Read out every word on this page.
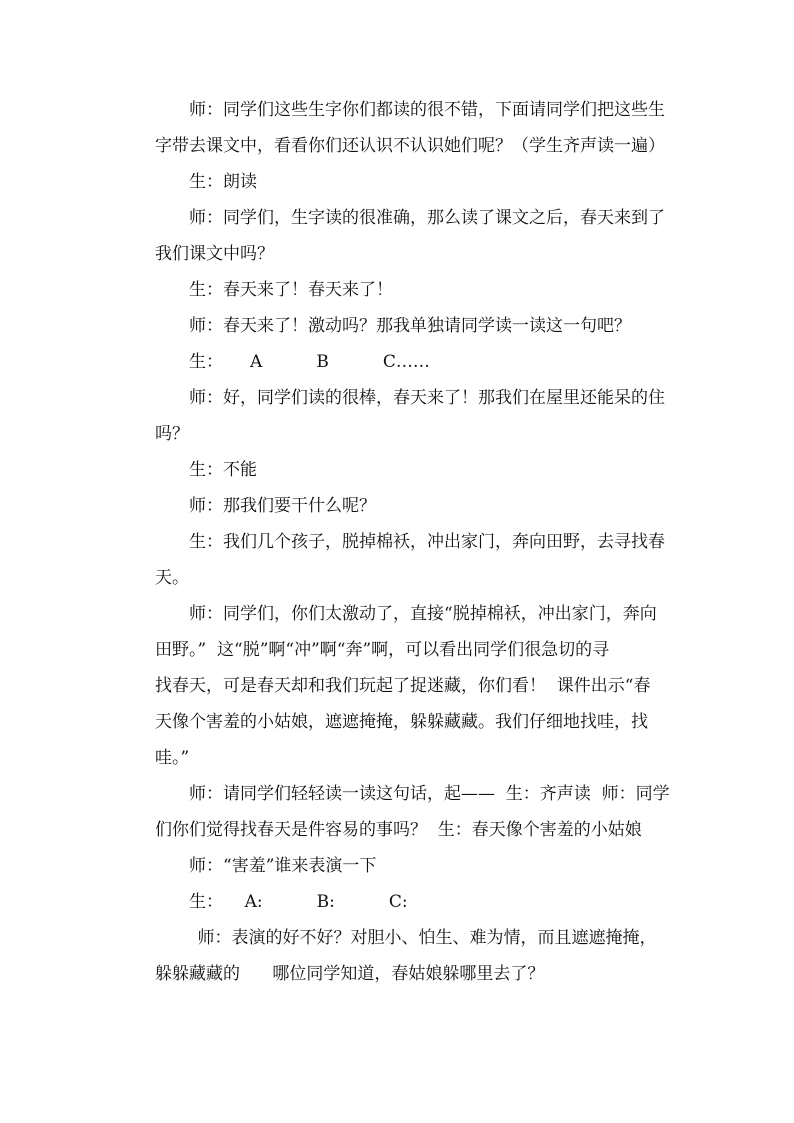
师：同学们这些生字你们都读的很不错，下面请同学们把这些生
字带去课文中，看看你们还认识不认识她们呢？（学生齐声读一遍）

生：朗读

师：同学们，生字读的很准确，那么读了课文之后，春天来到了
我们课文中吗？

生：春天来了！春天来了！

师：春天来了！激动吗？那我单独请同学读一读这一句吧？

生：     A          B          C……

师：好，同学们读的很棒，春天来了！那我们在屋里还能呆的住
吗？

生：不能

师：那我们要干什么呢？

生：我们几个孩子，脱掉棉袄，冲出家门，奔向田野，去寻找春
天。

师：同学们，你们太激动了，直接“脱掉棉袄，冲出家门，奔向
田野。”  这“脱”啊“冲”啊“奔”啊，可以看出同学们很急切的寻
找春天，可是春天却和我们玩起了捉迷藏，你们看！  课件出示“春
天像个害羞的小姑娘，遮遮掩掩，躲躲藏藏。我们仔细地找哇，找
哇。”

师：请同学们轻轻读一读这句话，起——  生：齐声读  师：同学
们你们觉得找春天是件容易的事吗？  生：春天像个害羞的小姑娘

师：“害羞”谁来表演一下

生：    A:          B:          C:

师：表演的好不好？对胆小、怕生、难为情，而且遮遮掩掩，
躲躲藏藏的      哪位同学知道，春姑娘躲哪里去了？
